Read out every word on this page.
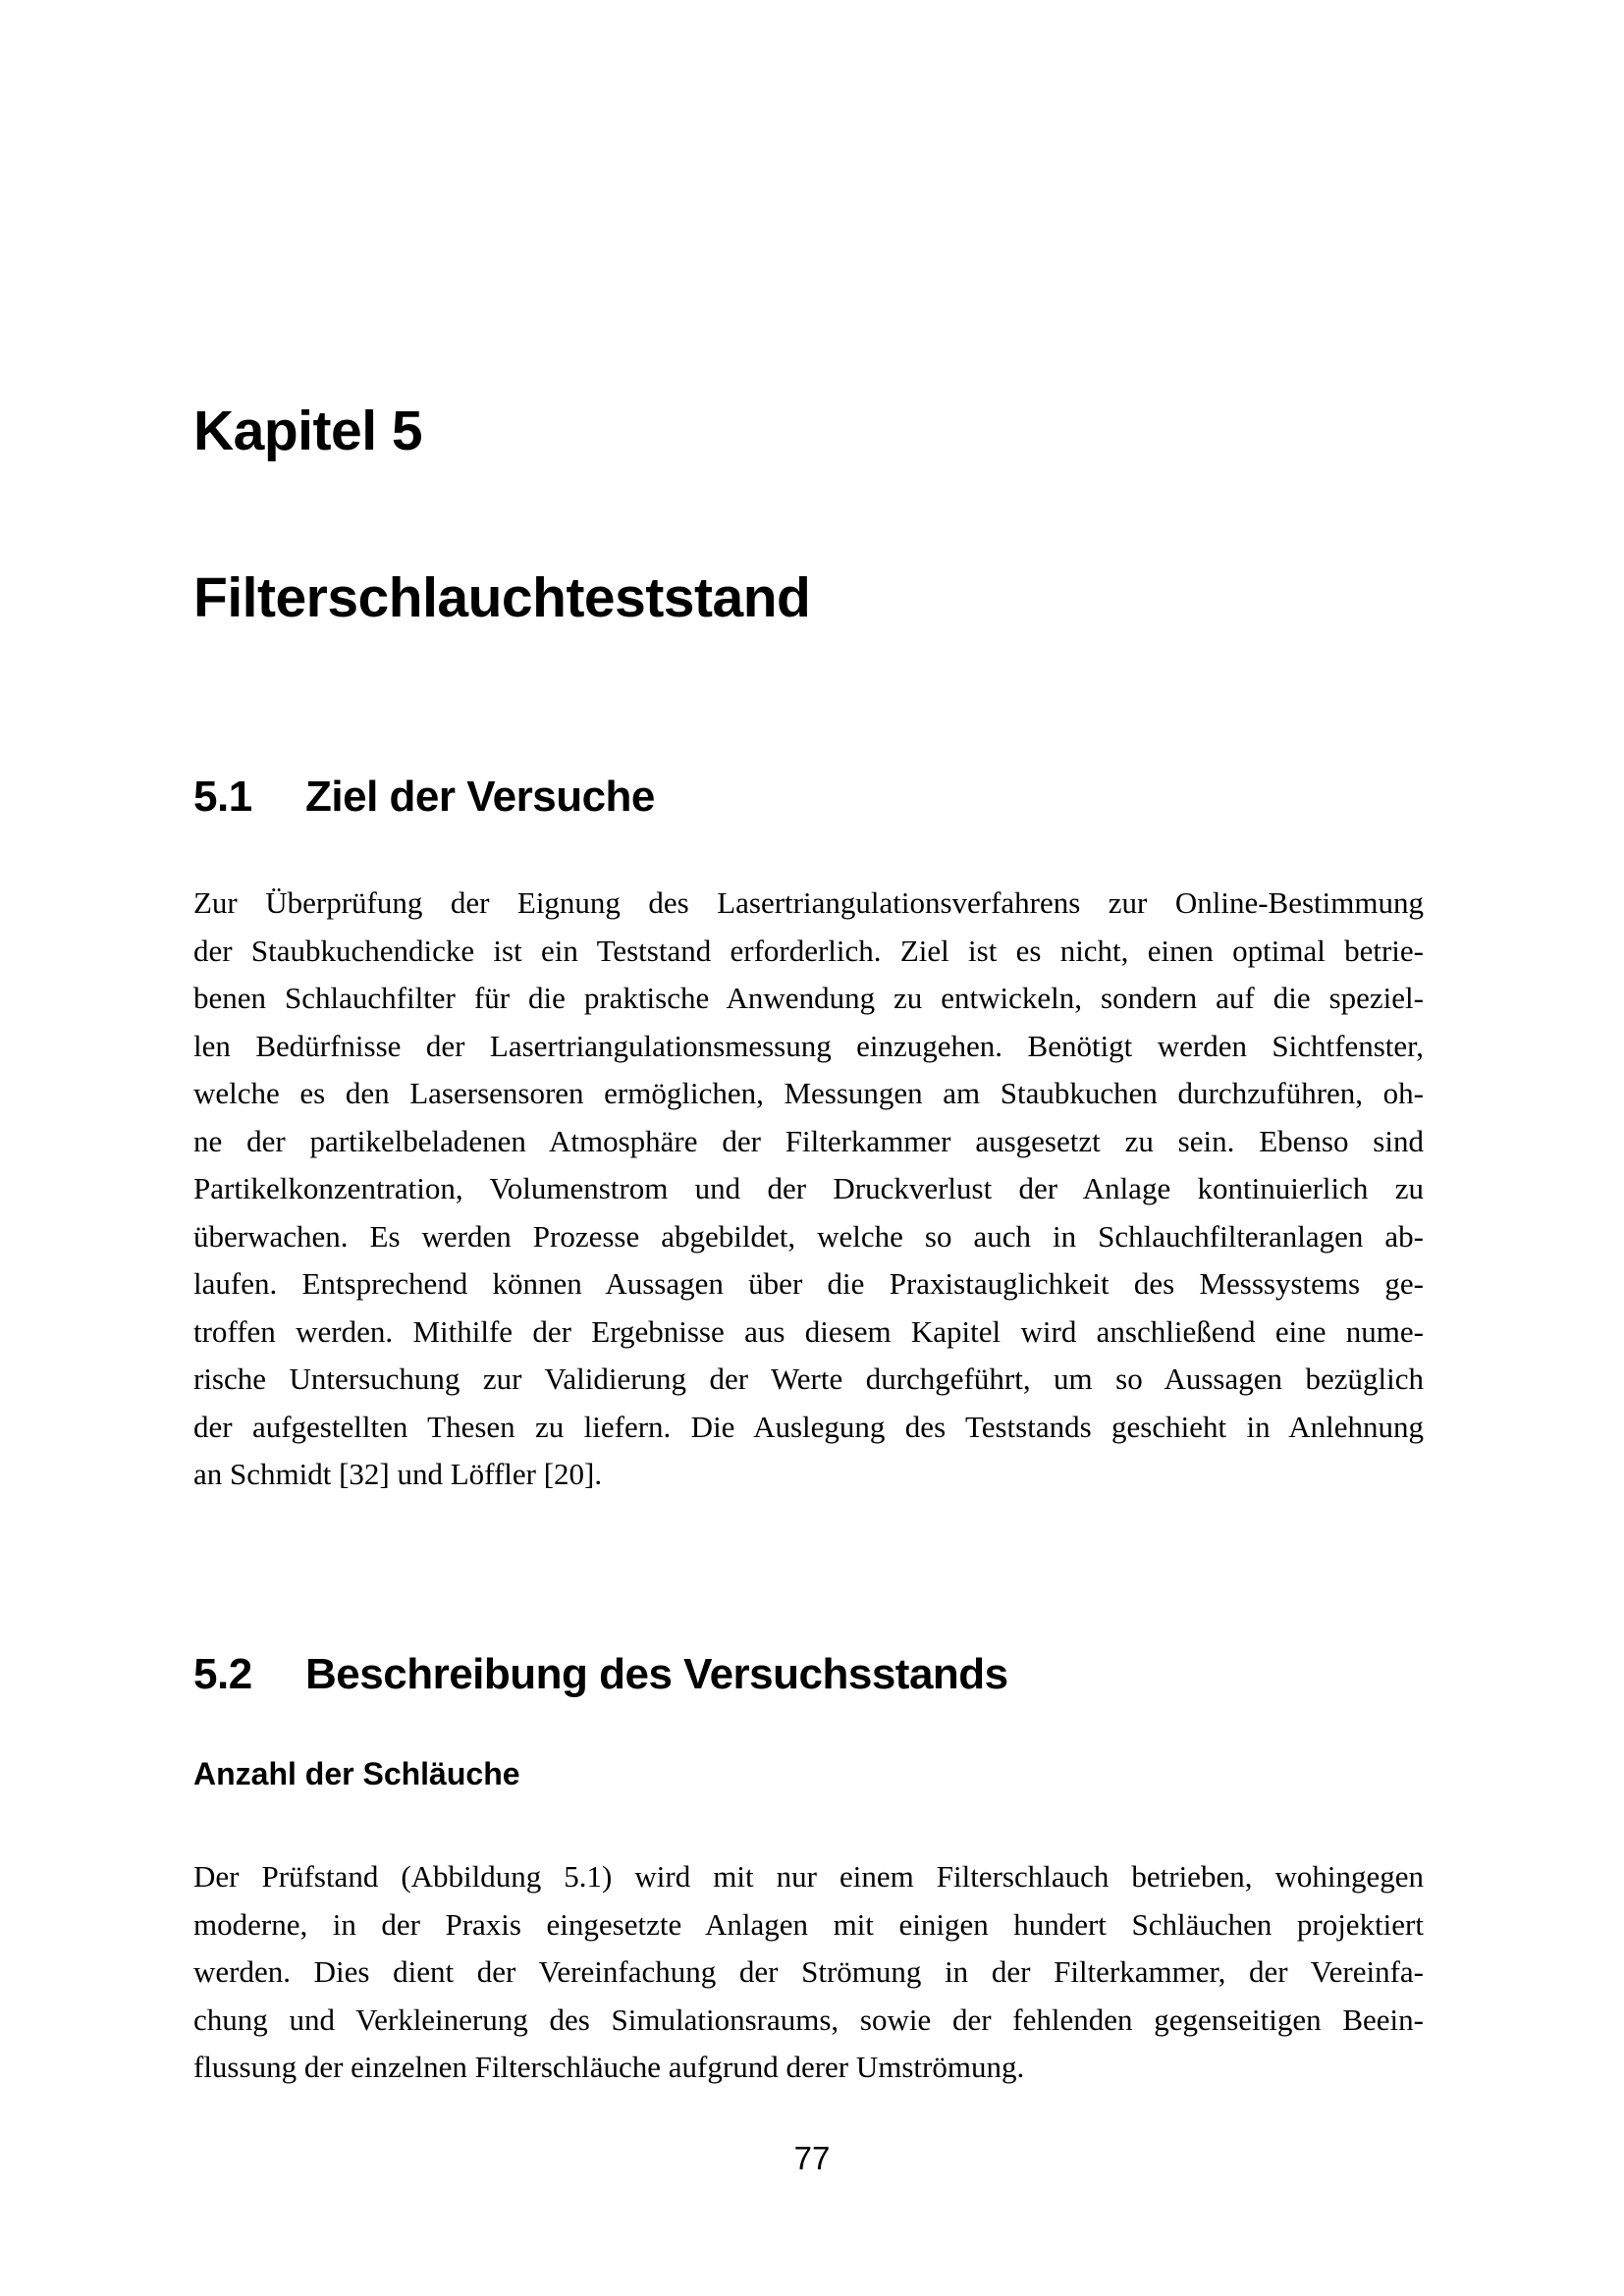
Kapitel 5
Filterschlauchteststand
5.1 Ziel der Versuche
Zur Überprüfung der Eignung des Lasertriangulationsverfahrens zur Online-Bestimmung
der Staubkuchendicke ist ein Teststand erforderlich. Ziel ist es nicht, einen optimal betrie-
benen Schlauchfilter für die praktische Anwendung zu entwickeln, sondern auf die speziel-
len Bedürfnisse der Lasertriangulationsmessung einzugehen. Benötigt werden Sichtfenster,
welche es den Lasersensoren ermöglichen, Messungen am Staubkuchen durchzuführen, oh-
ne der partikelbeladenen Atmosphäre der Filterkammer ausgesetzt zu sein. Ebenso sind
Partikelkonzentration, Volumenstrom und der Druckverlust der Anlage kontinuierlich zu
überwachen. Es werden Prozesse abgebildet, welche so auch in Schlauchfilteranlagen ab-
laufen. Entsprechend können Aussagen über die Praxistauglichkeit des Messsystems ge-
troffen werden. Mithilfe der Ergebnisse aus diesem Kapitel wird anschließend eine nume-
rische Untersuchung zur Validierung der Werte durchgeführt, um so Aussagen bezüglich
der aufgestellten Thesen zu liefern. Die Auslegung des Teststands geschieht in Anlehnung
an Schmidt [32] und Löffler [20].
5.2 Beschreibung des Versuchsstands
Anzahl der Schläuche
Der Prüfstand (Abbildung 5.1) wird mit nur einem Filterschlauch betrieben, wohingegen
moderne, in der Praxis eingesetzte Anlagen mit einigen hundert Schläuchen projektiert
werden. Dies dient der Vereinfachung der Strömung in der Filterkammer, der Vereinfa-
chung und Verkleinerung des Simulationsraums, sowie der fehlenden gegenseitigen Beein-
flussung der einzelnen Filterschläuche aufgrund derer Umströmung.
77
